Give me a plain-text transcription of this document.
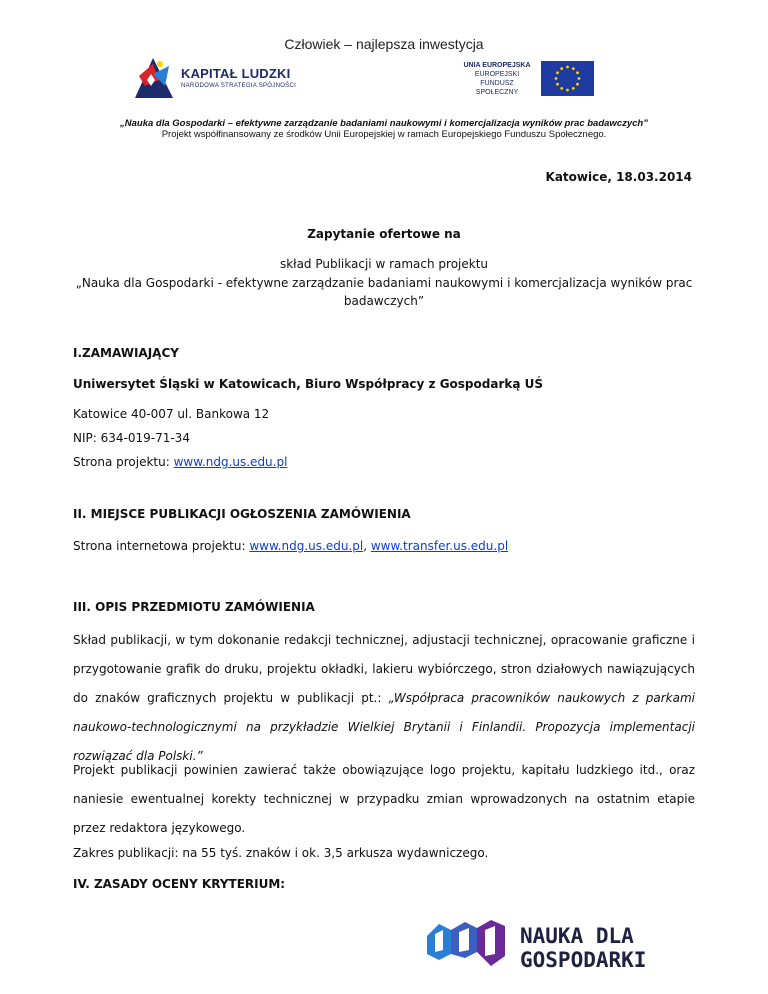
Człowiek – najlepsza inwestycja
KAPITAŁ LUDZKI
NARODOWA STRATEGIA SPÓJNOŚCI
UNIA EUROPEJSKA
EUROPEJSKI
FUNDUSZ SPOŁECZNY
„Nauka dla Gospodarki – efektywne zarządzanie badaniami naukowymi i komercjalizacja wyników prac badawczych”
Projekt współfinansowany ze środków Unii Europejskiej w ramach Europejskiego Funduszu Społecznego.
Katowice, 18.03.2014
Zapytanie ofertowe na
skład Publikacji w ramach projektu
„Nauka dla Gospodarki - efektywne zarządzanie badaniami naukowymi i komercjalizacja wyników prac
badawczych”
I.ZAMAWIAJĄCY
Uniwersytet Śląski w Katowicach, Biuro Współpracy z Gospodarką UŚ
Katowice 40-007 ul. Bankowa 12
NIP: 634-019-71-34
Strona projektu: www.ndg.us.edu.pl
II. MIEJSCE PUBLIKACJI OGŁOSZENIA ZAMÓWIENIA
Strona internetowa projektu: www.ndg.us.edu.pl, www.transfer.us.edu.pl
III. OPIS PRZEDMIOTU ZAMÓWIENIA
Skład publikacji, w tym dokonanie redakcji technicznej, adjustacji technicznej, opracowanie graficzne i przygotowanie grafik do druku, projektu okładki, lakieru wybiórczego, stron działowych nawiązujących do znaków graficznych projektu w publikacji pt.: „Współpraca pracowników naukowych z parkami naukowo-technologicznymi na przykładzie Wielkiej Brytanii i Finlandii. Propozycja implementacji rozwiązać dla Polski.”
Projekt publikacji powinien zawierać także obowiązujące logo projektu, kapitału ludzkiego itd., oraz naniesie ewentualnej korekty technicznej w przypadku zmian wprowadzonych na ostatnim etapie przez redaktora językowego.
Zakres publikacji: na 55 tyś. znaków i ok. 3,5 arkusza wydawniczego.
IV. ZASADY OCENY KRYTERIUM:
NAUKA DLA GOSPODARKI
